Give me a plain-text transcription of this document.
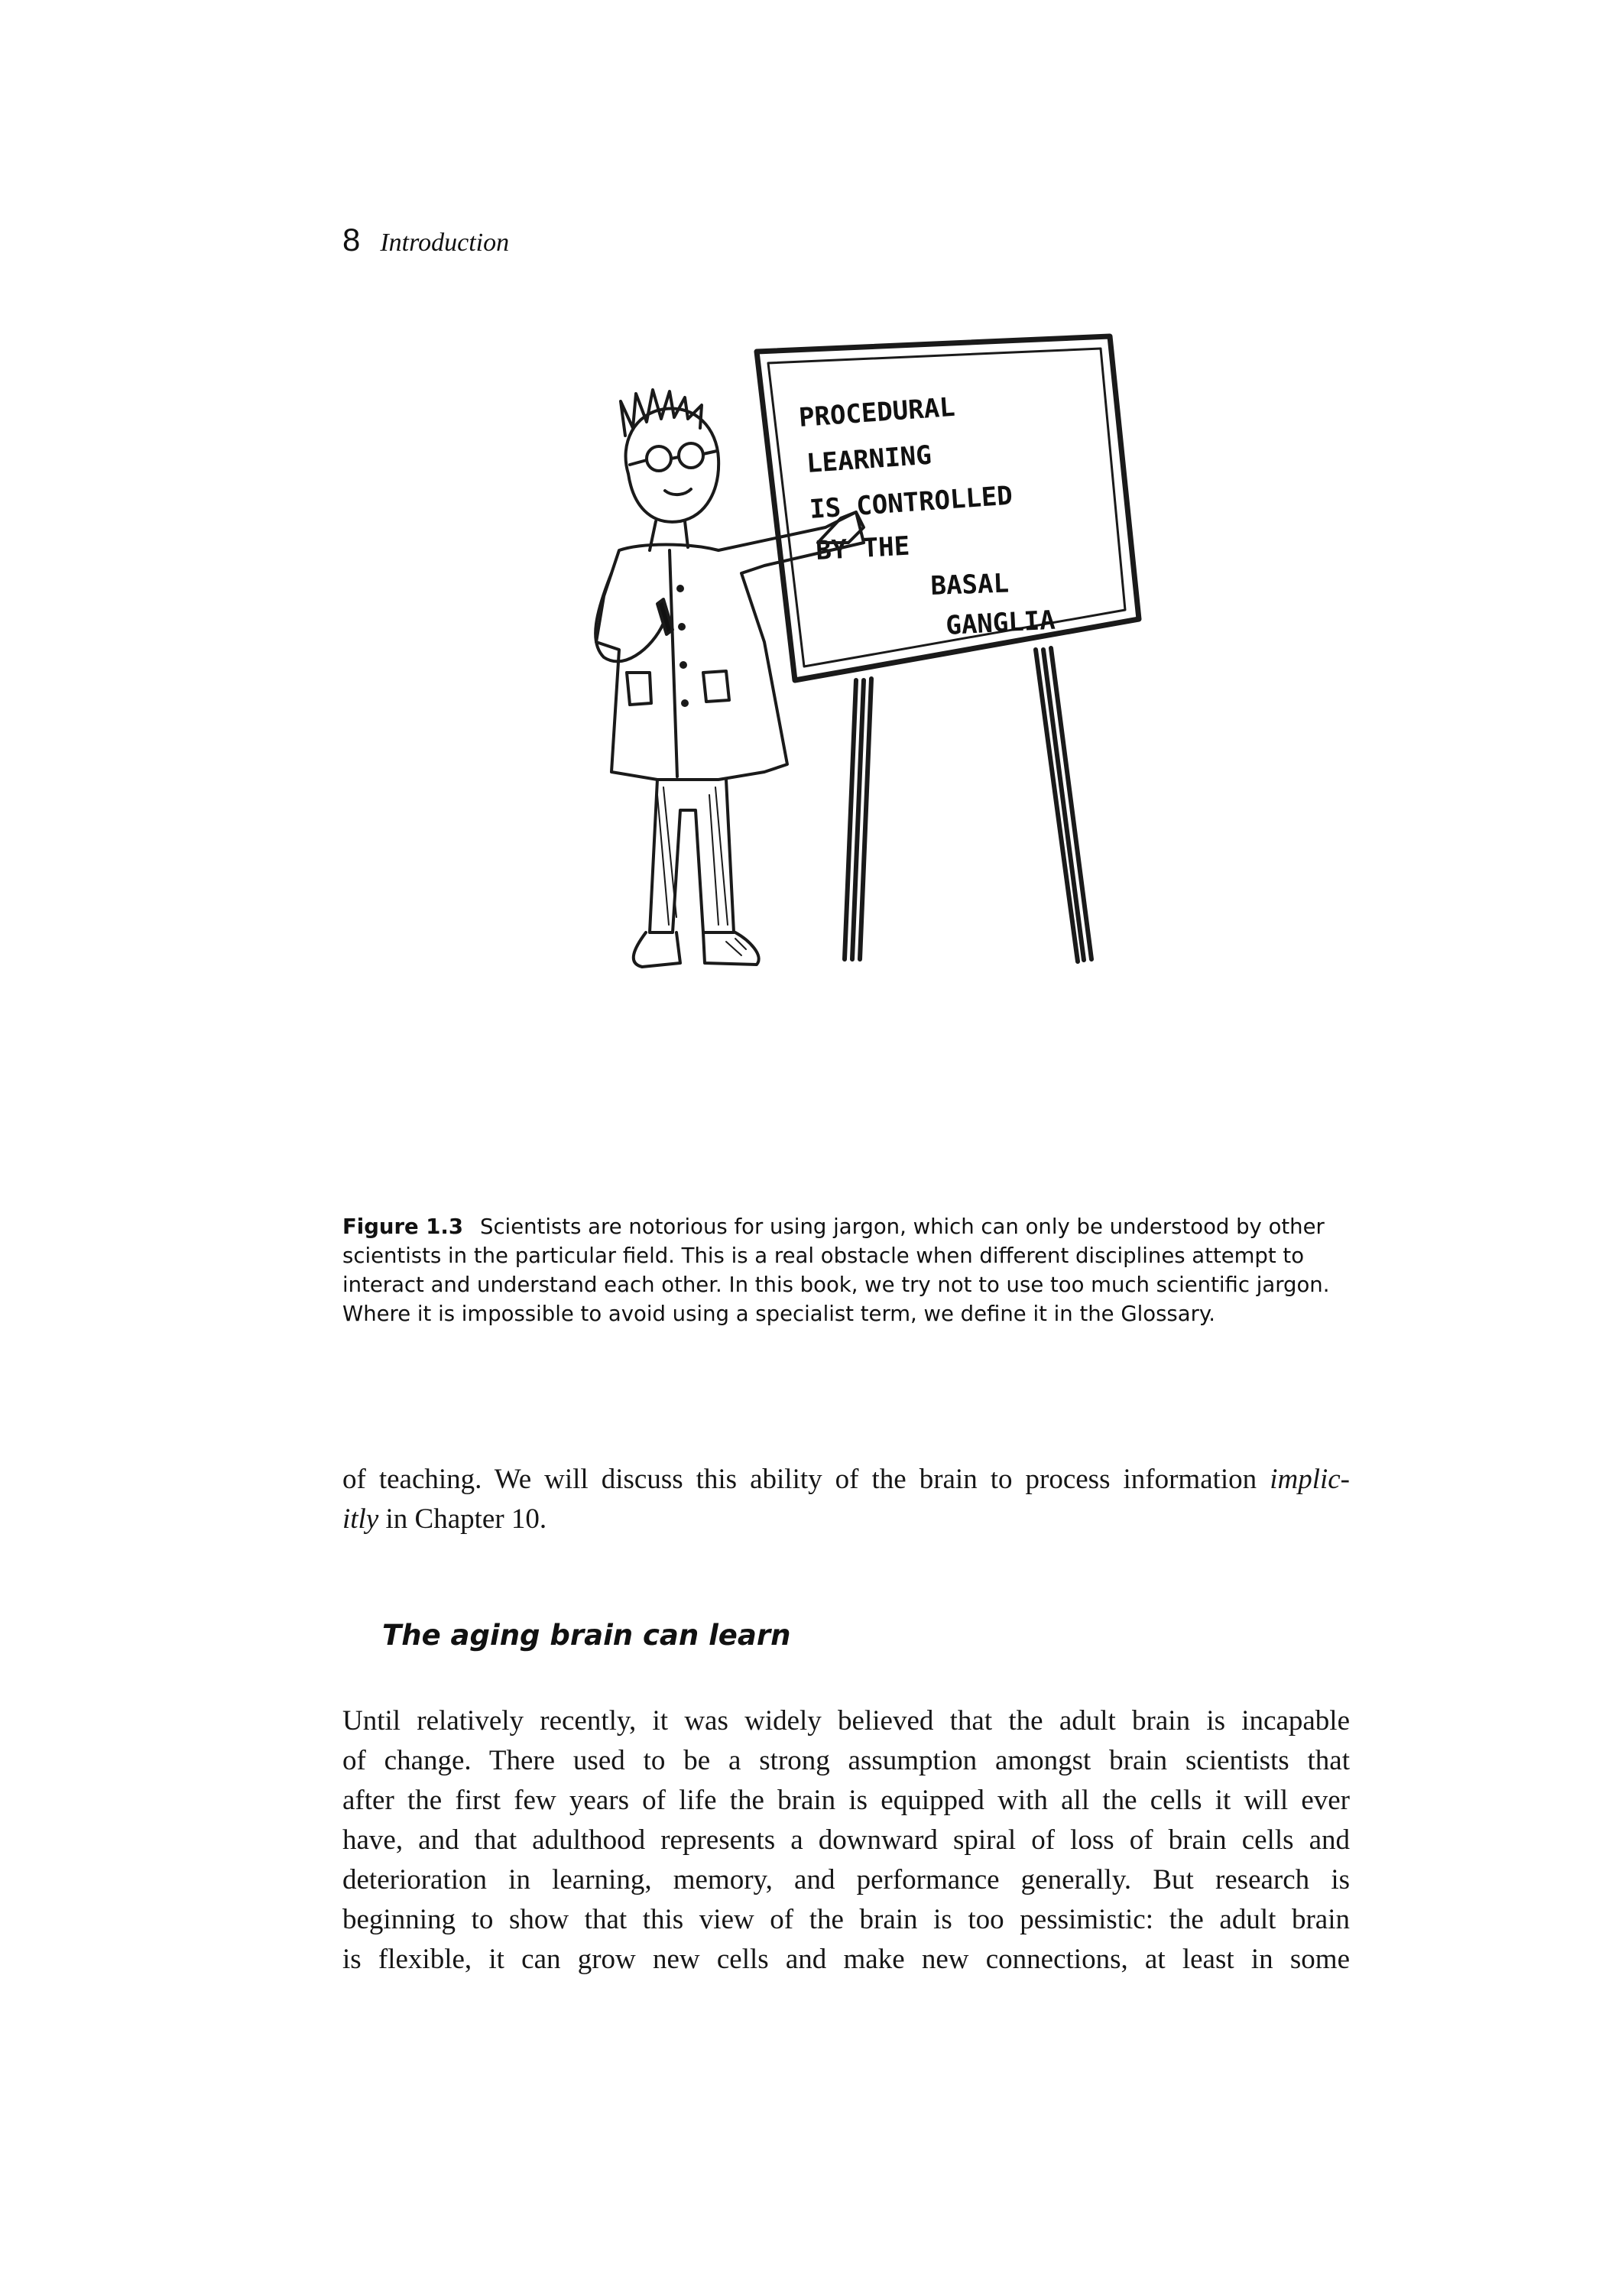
8 Introduction
PROCEDURAL
LEARNING
IS CONTROLLED
BY THE
BASAL
GANGLIA
Figure 1.3 Scientists are notorious for using jargon, which can only be understood by other scientists in the particular field. This is a real obstacle when different disciplines attempt to interact and understand each other. In this book, we try not to use too much scientific jargon. Where it is impossible to avoid using a specialist term, we define it in the Glossary.
of teaching. We will discuss this ability of the brain to process information implic-
itly in Chapter 10.
The aging brain can learn
Until relatively recently, it was widely believed that the adult brain is incapable
of change. There used to be a strong assumption amongst brain scientists that
after the first few years of life the brain is equipped with all the cells it will ever
have, and that adulthood represents a downward spiral of loss of brain cells and
deterioration in learning, memory, and performance generally. But research is
beginning to show that this view of the brain is too pessimistic: the adult brain
is flexible, it can grow new cells and make new connections, at least in some
